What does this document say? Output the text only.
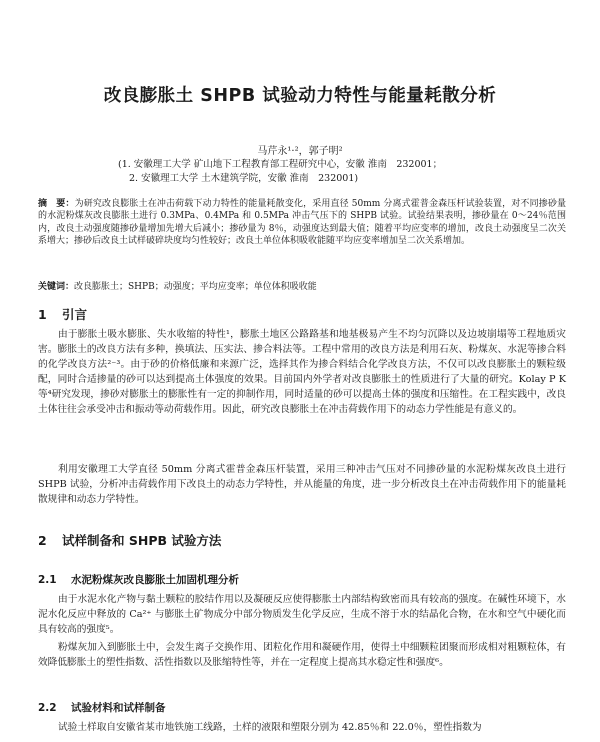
改良膨胀土 SHPB 试验动力特性与能量耗散分析
马芹永¹·²，郭子明²
(1. 安徽理工大学 矿山地下工程教育部工程研究中心，安徽 淮南　232001；
2. 安徽理工大学 土木建筑学院，安徽 淮南　232001)
摘　要：为研究改良膨胀土在冲击荷载下动力特性的能量耗散变化，采用直径 50mm 分离式霍普金森压杆试验装置，对不同掺砂量的水泥粉煤灰改良膨胀土进行 0.3MPa、0.4MPa 和 0.5MPa 冲击气压下的 SHPB 试验。试验结果表明，掺砂量在 0～24％范围内，改良土动强度随掺砂量增加先增大后减小；掺砂量为 8％，动强度达到最大值；随着平均应变率的增加，改良土动强度呈二次关系增大；掺砂后改良土试样破碎块度均匀性较好；改良土单位体积吸收能随平均应变率增加呈二次关系增加。
关键词：改良膨胀土；SHPB；动强度；平均应变率；单位体积吸收能
1 引言

由于膨胀土吸水膨胀、失水收缩的特性¹，膨胀土地区公路路基和地基极易产生不均匀沉降以及边坡崩塌等工程地质灾害。膨胀土的改良方法有多种，换填法、压实法、掺合料法等。工程中常用的改良方法是利用石灰、粉煤灰、水泥等掺合料的化学改良方法²⁻³。由于砂的价格低廉和来源广泛，选择其作为掺合料结合化学改良方法，不仅可以改良膨胀土的颗粒级配，同时合适掺量的砂可以达到提高土体强度的效果。目前国内外学者对改良膨胀土的性质进行了大量的研究。Kolay P K 等⁴研究发现，掺砂对膨胀土的膨胀性有一定的抑制作用，同时适量的砂可以提高土体的强度和压缩性。在工程实践中，改良土体往往会承受冲击和振动等动荷载作用。因此，研究改良膨胀土在冲击荷载作用下的动态力学性能是有意义的。

利用安徽理工大学直径 50mm 分离式霍普金森压杆装置，采用三种冲击气压对不同掺砂量的水泥粉煤灰改良土进行 SHPB 试验，分析冲击荷载作用下改良土的动态力学特性，并从能量的角度，进一步分析改良土在冲击荷载作用下的能量耗散规律和动态力学特性。

2 试样制备和 SHPB 试验方法
2.1 水泥粉煤灰改良膨胀土加固机理分析

由于水泥水化产物与黏土颗粒的胶结作用以及凝硬反应使得膨胀土内部结构致密而具有较高的强度。在碱性环境下，水泥水化反应中释放的 Ca²⁺ 与膨胀土矿物成分中部分物质发生化学反应，生成不溶于水的结晶化合物，在水和空气中硬化而具有较高的强度⁵。

粉煤灰加入到膨胀土中，会发生离子交换作用、团粒化作用和凝硬作用，使得土中细颗粒团聚而形成相对粗颗粒体，有效降低膨胀土的塑性指数、活性指数以及胀缩特性等，并在一定程度上提高其水稳定性和强度⁶。

2.2 试验材料和试样制备

试验土样取自安徽省某市地铁施工线路，土样的液限和塑限分别为 42.85％和 22.0％，塑性指数为
